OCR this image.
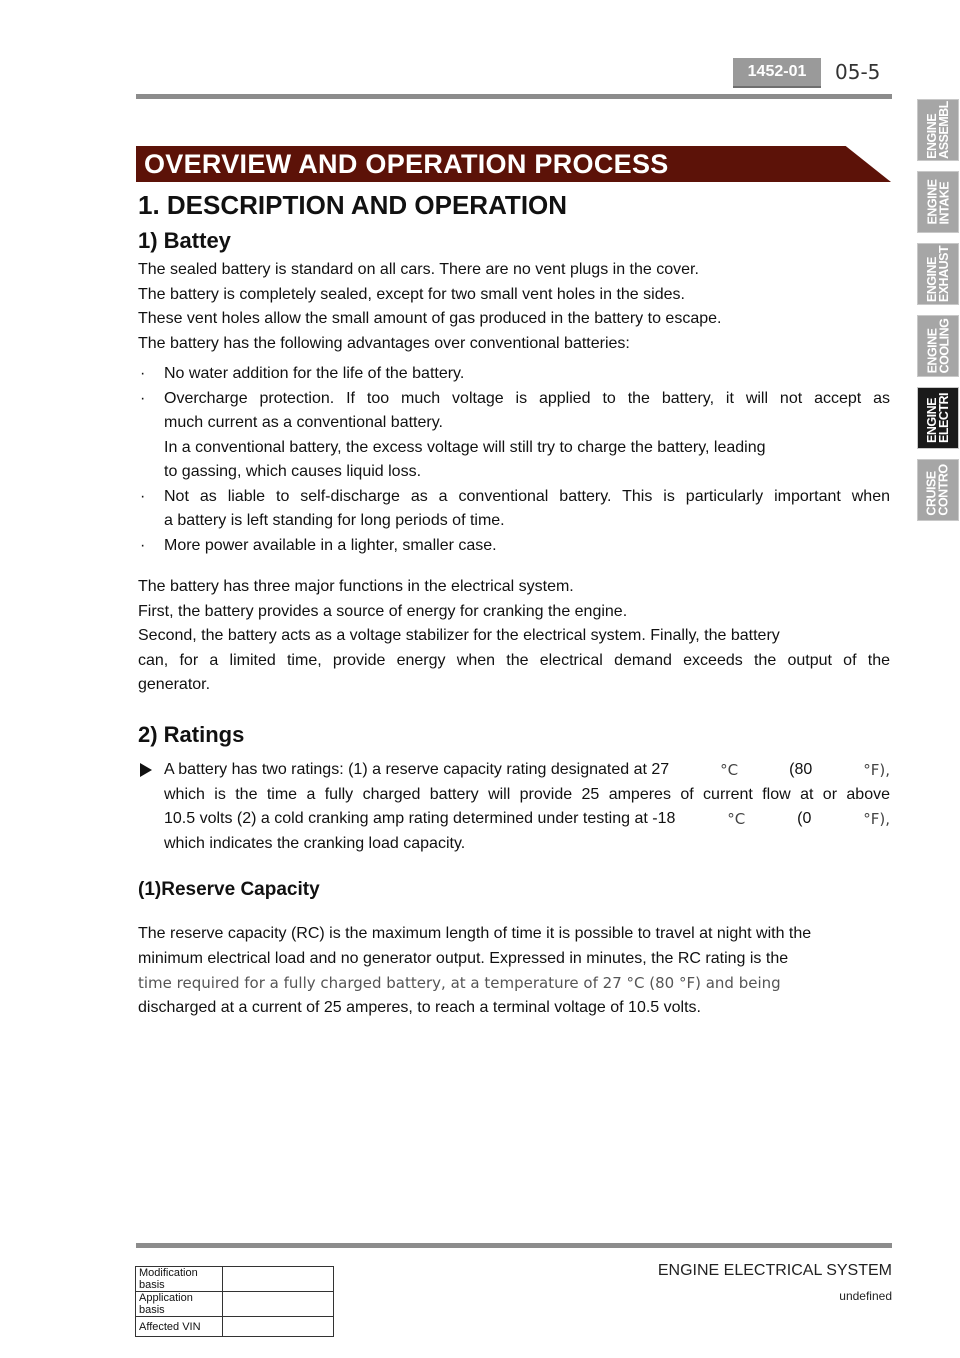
1452-01	05-5
ENGINE
ASSEMBL
ENGINE
INTAKE
ENGINE
EXHAUST
ENGINE
COOLING
ENGINE
ELECTRI
CRUISE
CONTRO
OVERVIEW AND OPERATION PROCESS
1. DESCRIPTION AND OPERATION
1) Battey
The sealed battery is standard on all cars. There are no vent plugs in the cover.
The battery is completely sealed, except for two small vent holes in the sides.
These vent holes allow the small amount of gas produced in the battery to escape.
The battery has the following advantages over conventional batteries:
·	No water addition for the life of the battery.
·	Overcharge protection. If too much voltage is applied to the battery, it will not accept as
much current as a conventional battery.
In a conventional battery, the excess voltage will still try to charge the battery, leading
to gassing, which causes liquid loss.
·	Not as liable to self-discharge as a conventional battery. This is particularly important when
a battery is left standing for long periods of time.
·	More power available in a lighter, smaller case.
The battery has three major functions in the electrical system.
First, the battery provides a source of energy for cranking the engine.
Second, the battery acts as a voltage stabilizer for the electrical system. Finally, the battery
can, for a limited time, provide energy when the electrical demand exceeds the output of the
generator.
2) Ratings
A battery has two ratings: (1) a reserve capacity rating designated at 27	°C	(80	°F),
which is the time a fully charged battery will provide 25 amperes of current flow at or above
10.5 volts (2) a cold cranking amp rating determined under testing at -18	°C	(0	°F),
which indicates the cranking load capacity.
(1)Reserve Capacity
The reserve capacity (RC) is the maximum length of time it is possible to travel at night with the
minimum electrical load and no generator output. Expressed in minutes, the RC rating is the
time required for a fully charged battery, at a temperature of 27 °C (80 °F) and being
discharged at a current of 25 amperes, to reach a terminal voltage of 10.5 volts.
Modification basis	
Application basis	
Affected VIN	
ENGINE ELECTRICAL SYSTEM
undefined
